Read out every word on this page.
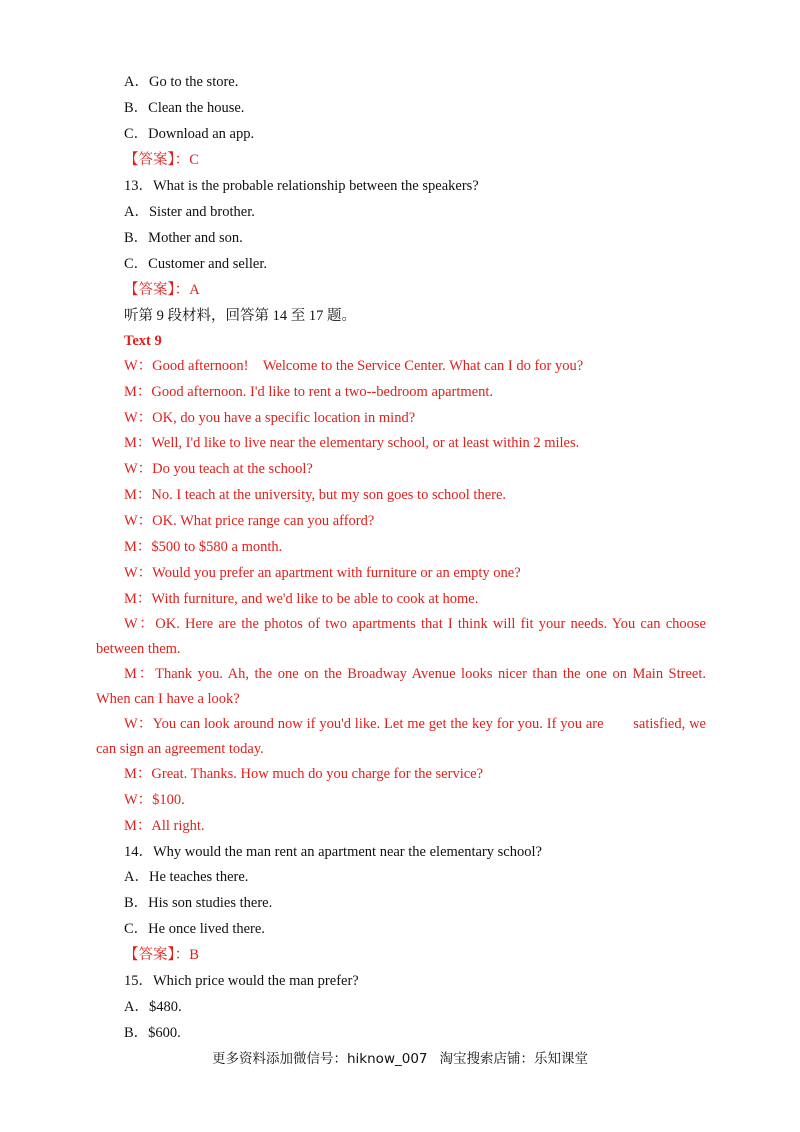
A．Go to the store.
B．Clean the house.
C．Download an app.
【答案】：C
13．What is the probable relationship between the speakers?
A．Sister and brother.
B．Mother and son.
C．Customer and seller.
【答案】：A
听第 9 段材料，回答第 14 至 17 题。
Text 9
W：Good afternoon!　Welcome to the Service Center. What can I do for you?
M：Good afternoon. I'd like to rent a two--bedroom apartment.
W：OK, do you have a specific location in mind?
M：Well, I'd like to live near the elementary school, or at least within 2 miles.
W：Do you teach at the school?
M：No. I teach at the university, but my son goes to school there.
W：OK. What price range can you afford?
M：$500 to $580 a month.
W：Would you prefer an apartment with furniture or an empty one?
M：With furniture, and we'd like to be able to cook at home.
W：OK. Here are the photos of two apartments that I think will fit your needs. You can choose between them.
M：Thank you. Ah, the one on the Broadway Avenue looks nicer than the one on Main Street. When can I have a look?
W：You can look around now if you'd like. Let me get the key for you. If you are　　satisfied, we can sign an agreement today.
M：Great. Thanks. How much do you charge for the service?
W：$100.
M：All right.
14．Why would the man rent an apartment near the elementary school?
A．He teaches there.
B．His son studies there.
C．He once lived there.
【答案】：B
15．Which price would the man prefer?
A．$480.
B．$600.
更多资料添加微信号：hiknow_007 淘宝搜索店铺：乐知课堂
